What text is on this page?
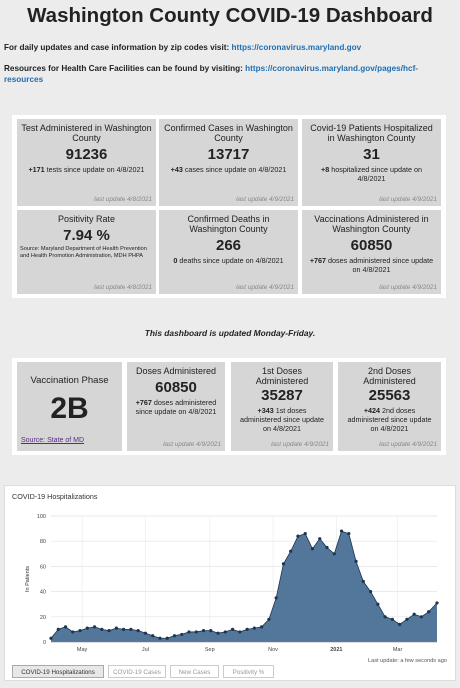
Washington County COVID-19 Dashboard
For daily updates and case information by zip codes visit: https://coronavirus.maryland.gov
Resources for Health Care Facilities can be found by visiting: https://coronavirus.maryland.gov/pages/hcf-resources
Test Administered in Washington County
91236
+171 tests since update on 4/8/2021
last update 4/8/2021
Confirmed Cases in Washington County
13717
+43 cases since update on 4/8/2021
last update 4/9/2021
Covid-19 Patients Hospitalized in Washington County
31
+8 hospitalized since update on 4/8/2021
last update 4/9/2021
Positivity Rate
7.94 %
Source: Maryland Department of Health Prevention and Health Promotion Administration, MDH PHPA
last update 4/8/2021
Confirmed Deaths in Washington County
266
0 deaths since update on 4/8/2021
last update 4/9/2021
Vaccinations Administered in Washington County
60850
+767 doses administered since update on 4/8/2021
last update 4/9/2021
This dashboard is updated Monday-Friday.
Vaccination Phase
2B
Source: State of MD
Doses Administered
60850
+767 doses administered since update on 4/8/2021
last update 4/9/2021
1st Doses Administered
35287
+343 1st doses administered since update on 4/8/2021
last update 4/9/2021
2nd Doses Administered
25563
+424 2nd doses administered since update on 4/8/2021
last update 4/9/2021
COVID-19 Hospitalizations
0
20
40
60
80
100
May	Jul	Sep	Nov	2021	Mar
In Patients
Last update: a few seconds ago
COVID-19 Hospitalizations	COVID-19 Cases	New Cases	Positivity %
